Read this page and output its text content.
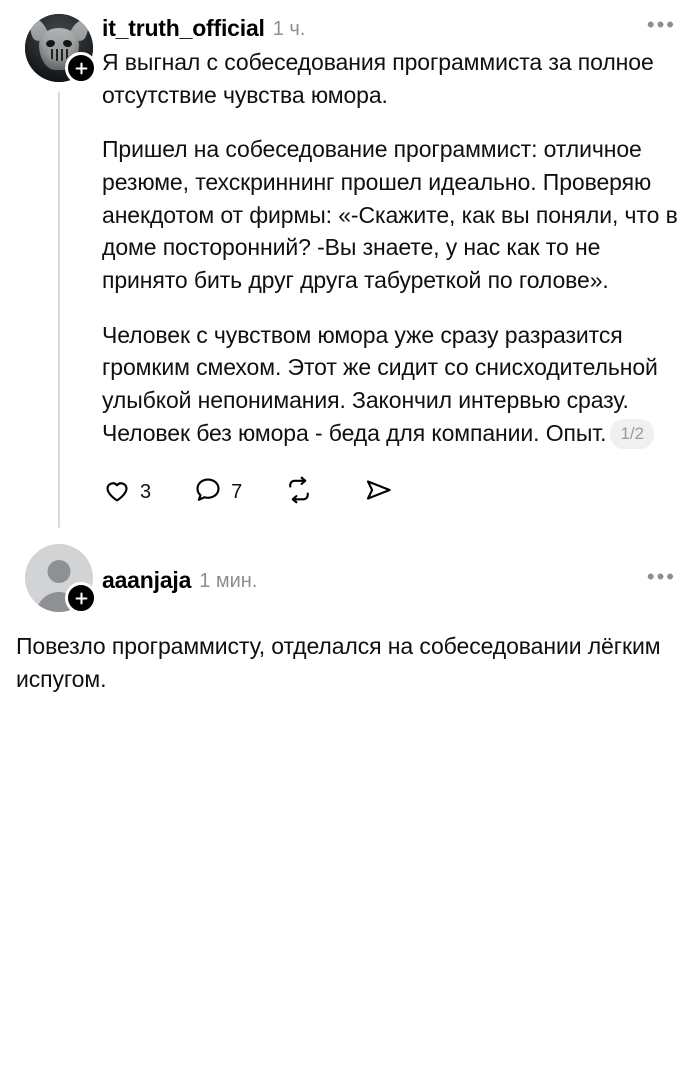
it_truth_official 1 ч.	•••

Я выгнал с собеседования программиста за полное отсутствие чувства юмора.

Пришел на собеседование программист: отличное резюме, техскриннинг прошел идеально. Проверяю анекдотом от фирмы: «-Скажите, как вы поняли, что в доме посторонний? -Вы знаете, у нас как то не принято бить друг друга табуреткой по голове».

Человек с чувством юмора уже сразу разразится громким смехом. Этот же сидит со снисходительной улыбкой непонимания. Закончил интервью сразу. Человек без юмора - беда для компании. Опыт. 1/2

3	7
aaanjaja 1 мин.	•••
Повезло программисту, отделался на собеседовании лёгким испугом.
